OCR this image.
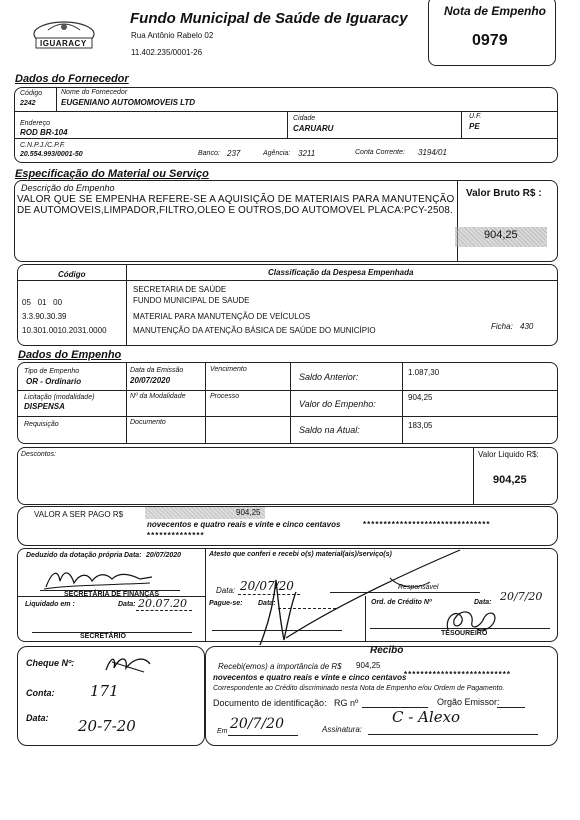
IGUARACY
Fundo Municipal de Saúde de Iguaracy
Rua Antônio Rabelo 02
11.402.235/0001-26
Nota de Empenho
0979
Dados do Fornecedor
Código
2242
Nome do Fornecedor
EUGENIANO AUTOMOMOVEIS LTD
Endereço
ROD BR-104
Cidade
CARUARU
U.F.
PE
C.N.P.J./C.P.F.
20.554.993/0001-50	Banco: 237	Agência: 3211	Conta Corrente: 3194/01
Especificação do Material ou Serviço
Descrição do Empenho
VALOR QUE SE EMPENHA REFERE-SE A AQUISIÇÃO DE MATERIAIS PARA MANUTENÇÃO
DE AUTOMOVEIS,LIMPADOR,FILTRO,OLEO E OUTROS,DO AUTOMOVEL PLACA:PCY-2508.
Valor Bruto R$ :
904,25
Código	Classificação da Despesa Empenhada
05   01   00
SECRETARIA DE SAÚDE
FUNDO MUNICIPAL DE SAUDE
3.3.90.30.39	MATERIAL PARA MANUTENÇÃO DE VEÍCULOS
10.301.0010.2031.0000	MANUTENÇÃO DA ATENÇÃO BÁSICA DE SAÚDE DO MUNICÍPIO	Ficha: 430
Dados do Empenho
Tipo de Empenho
OR - Ordinario
Data da Emissão
20/07/2020
Vencimento
Licitação (modalidade)
DISPENSA
Nº da Modalidade	Processo
Requisição	Documento
Saldo Anterior:	1.087,30
Valor do Empenho:
904,25
Saldo na Atual:	183,05
Descontos:	Valor Liquido R$:
904,25
VALOR A SER PAGO R$	904,25
novecentos e quatro reais e vinte e cinco centavos	*******************************
**************
Deduzido da dotação própria Data: 20/07/2020	Atesto que conferi e recebi o(s) material(ais)/serviço(s)
SECRETÁRIA DE FINANÇAS	Data: 20/07/20	Responsável
Liquidado em :	Data: 20.07.20
SECRETÁRIO
Pague-se: Data:	Ord. de Crédito Nº	Data: 20/7/20
TESOUREIRO
Recibo
Cheque Nº:
Conta: 171
Data: 20-7-20
Recebi(emos) a importância de R$ 904,25
novecentos e quatro reais e vinte e cinco centavos
**************************
Correspondente ao Crédito discriminado nesta Nota de Empenho e/ou Ordem de Pagamento.
Documento de identificação: RG nº	Orgão Emissor:
Em 20/7/20	Assinatura:
C - Alexo
